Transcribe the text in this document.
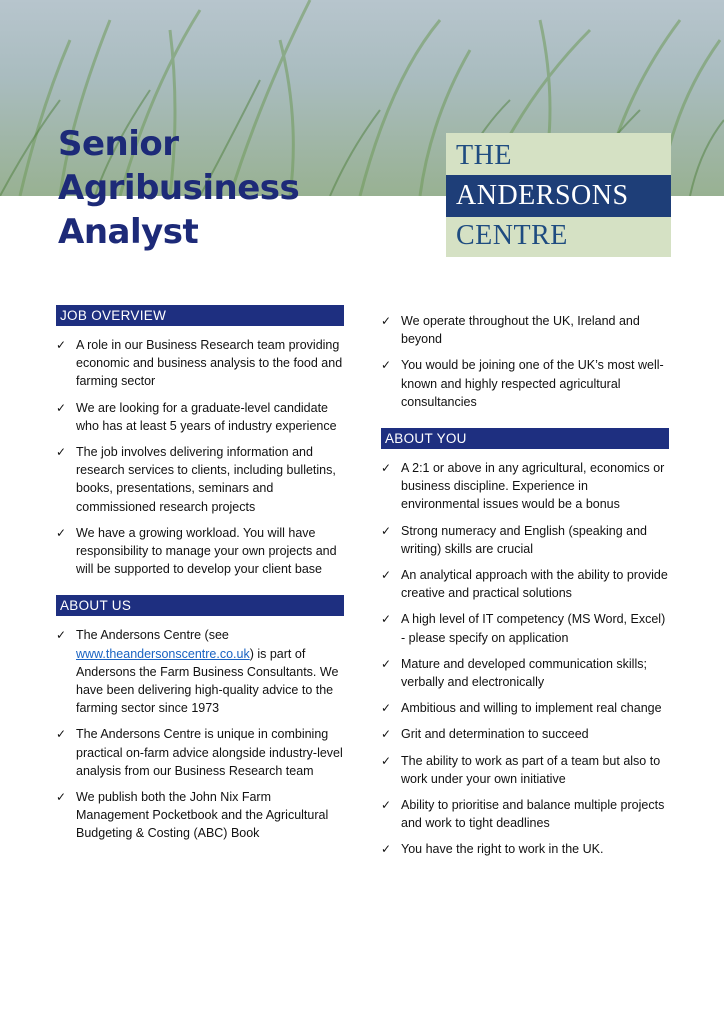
Senior
Agribusiness
Analyst
THE
ANDERSONS
CENTRE
JOB OVERVIEW
✓ A role in our Business Research team providing economic and business analysis to the food and farming sector
✓ We are looking for a graduate-level candidate who has at least 5 years of industry experience
✓ The job involves delivering information and research services to clients, including bulletins, books, presentations, seminars and commissioned research projects
✓ We have a growing workload. You will have responsibility to manage your own projects and will be supported to develop your client base
ABOUT US
✓ The Andersons Centre (see www.theandersonscentre.co.uk) is part of Andersons the Farm Business Consultants. We have been delivering high-quality advice to the farming sector since 1973
✓ The Andersons Centre is unique in combining practical on-farm advice alongside industry-level analysis from our Business Research team
✓ We publish both the John Nix Farm Management Pocketbook and the Agricultural Budgeting & Costing (ABC) Book
✓ We operate throughout the UK, Ireland and beyond
✓ You would be joining one of the UK’s most well-known and highly respected agricultural consultancies
ABOUT YOU
✓ A 2:1 or above in any agricultural, economics or business discipline. Experience in environmental issues would be a bonus
✓ Strong numeracy and English (speaking and writing) skills are crucial
✓ An analytical approach with the ability to provide creative and practical solutions
✓ A high level of IT competency (MS Word, Excel) - please specify on application
✓ Mature and developed communication skills; verbally and electronically
✓ Ambitious and willing to implement real change
✓ Grit and determination to succeed
✓ The ability to work as part of a team but also to work under your own initiative
✓ Ability to prioritise and balance multiple projects and work to tight deadlines
✓ You have the right to work in the UK.
